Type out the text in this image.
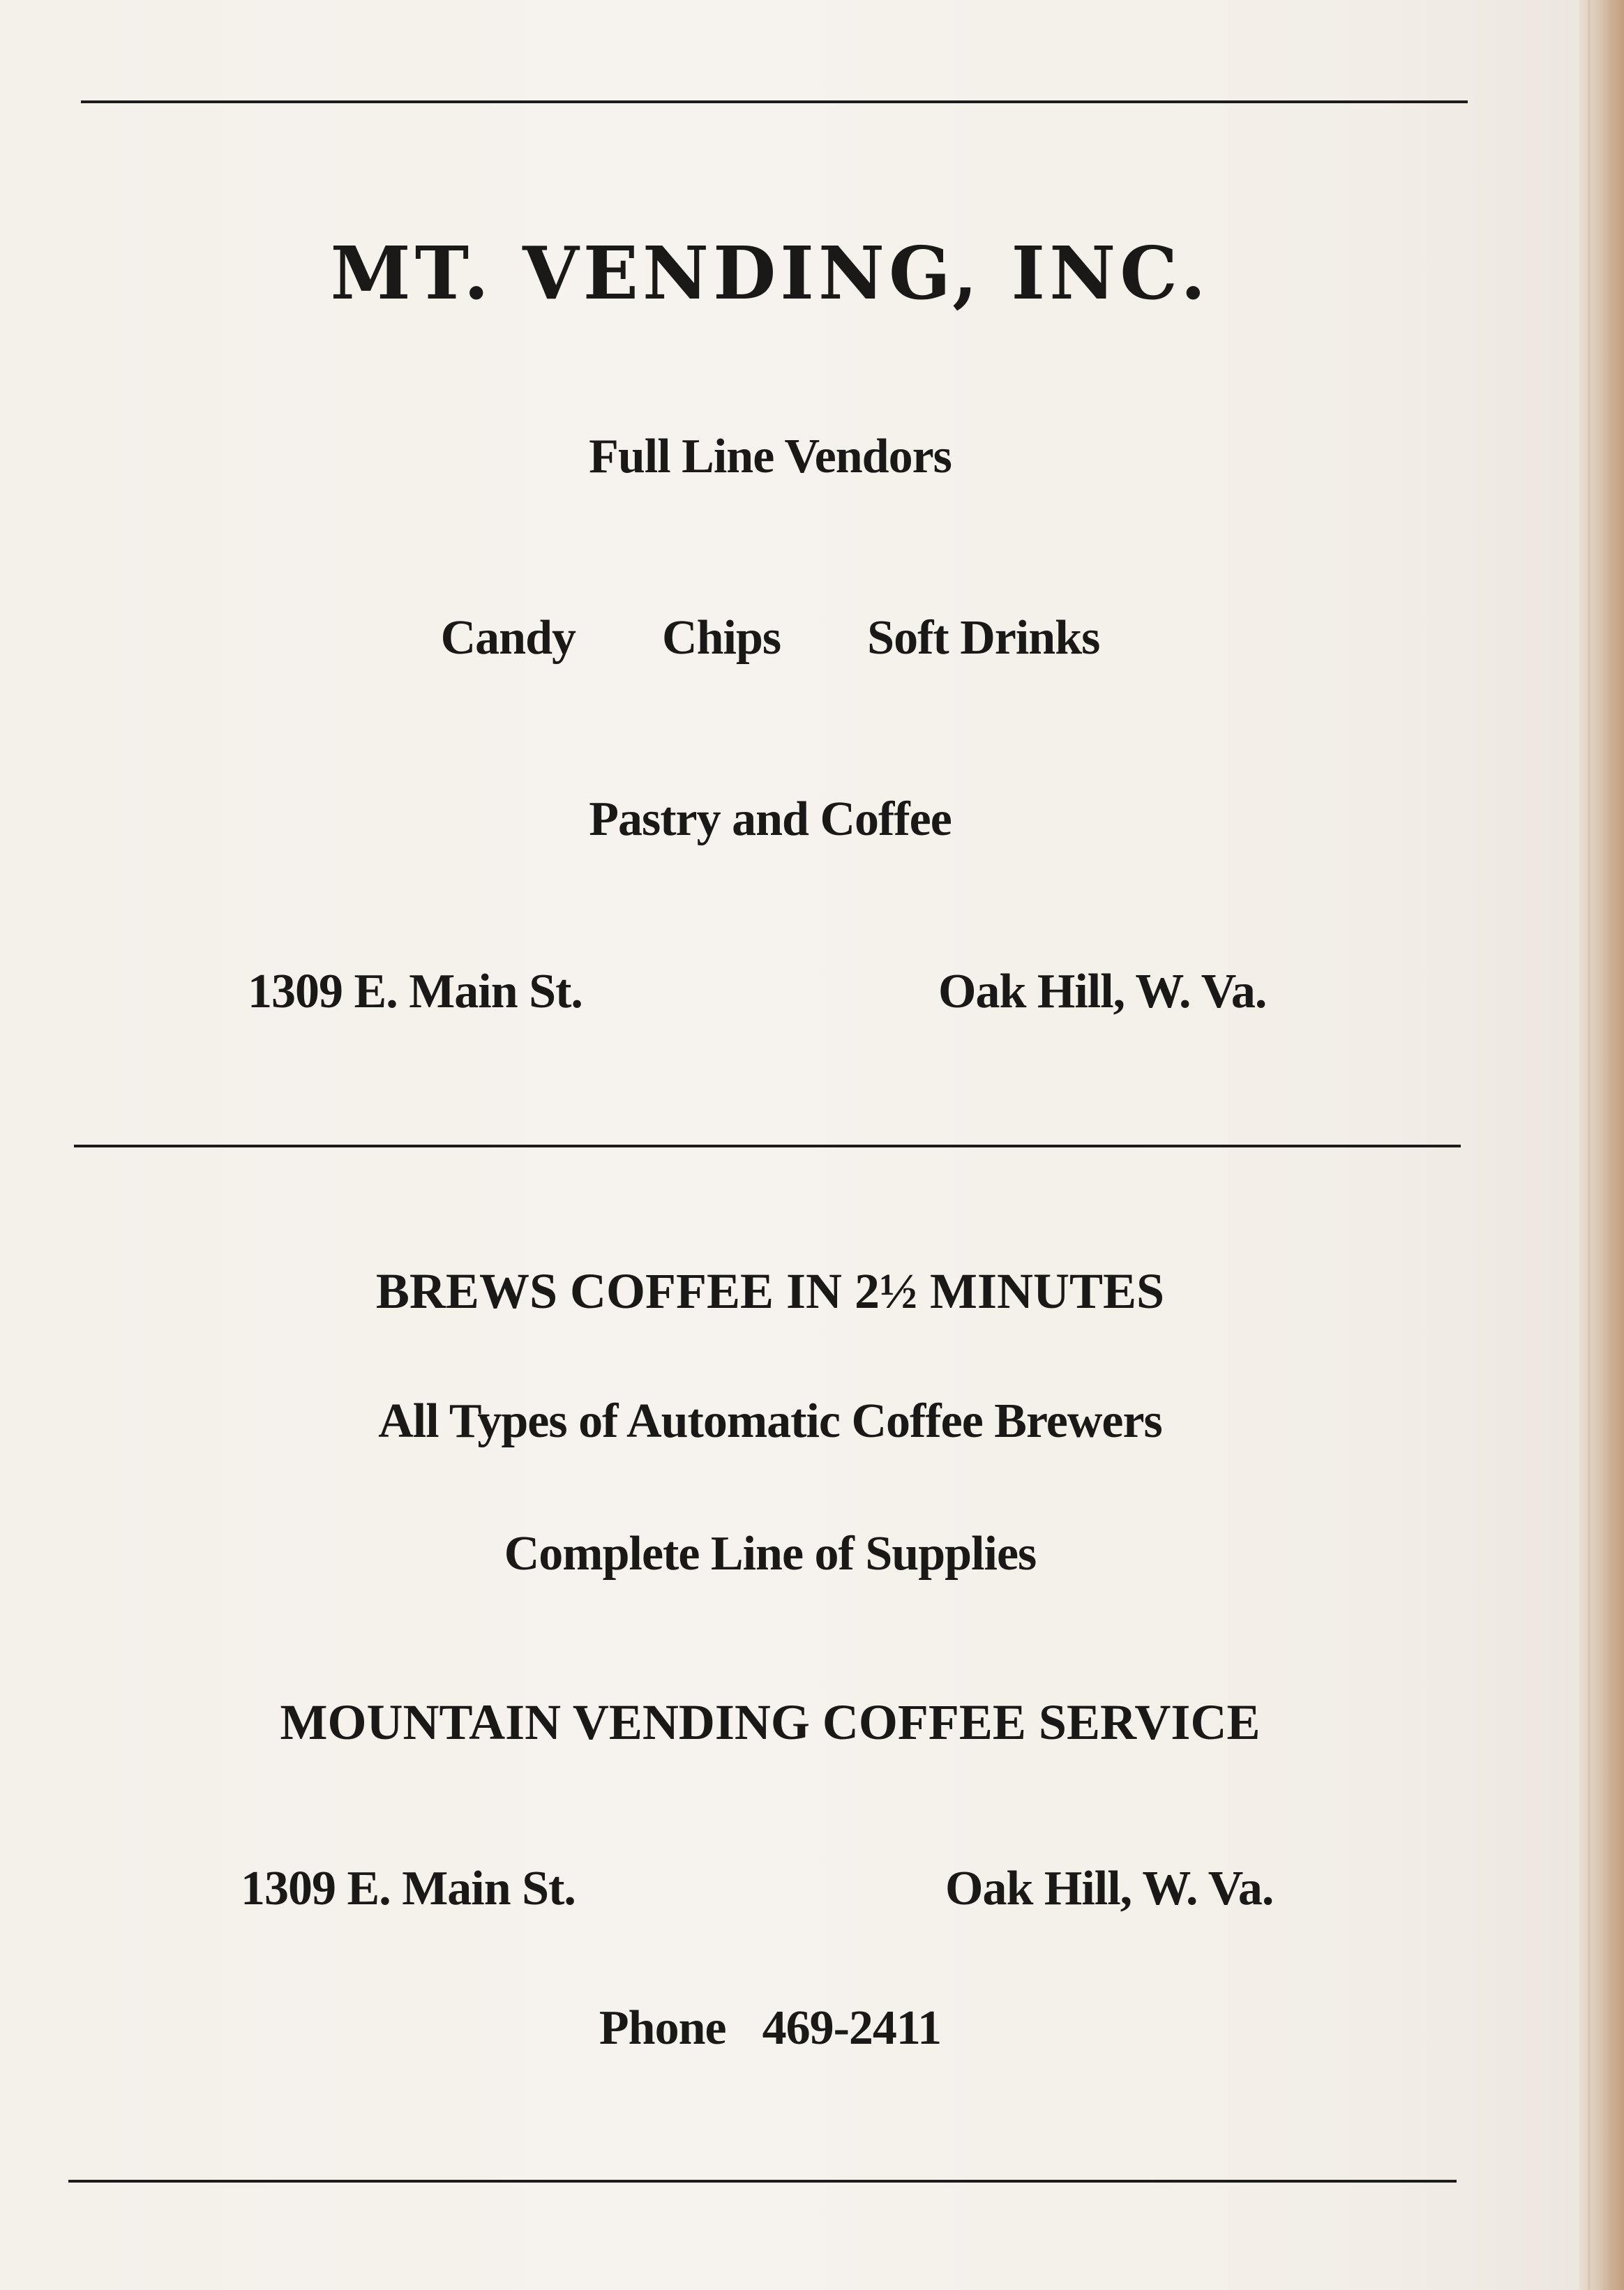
MT. VENDING, INC.
Full Line Vendors
Candy Chips Soft Drinks
Pastry and Coffee
1309 E. Main St.	Oak Hill, W. Va.
BREWS COFFEE IN 2½ MINUTES
All Types of Automatic Coffee Brewers
Complete Line of Supplies
MOUNTAIN VENDING COFFEE SERVICE
1309 E. Main St.	Oak Hill, W. Va.
Phone 469-2411
